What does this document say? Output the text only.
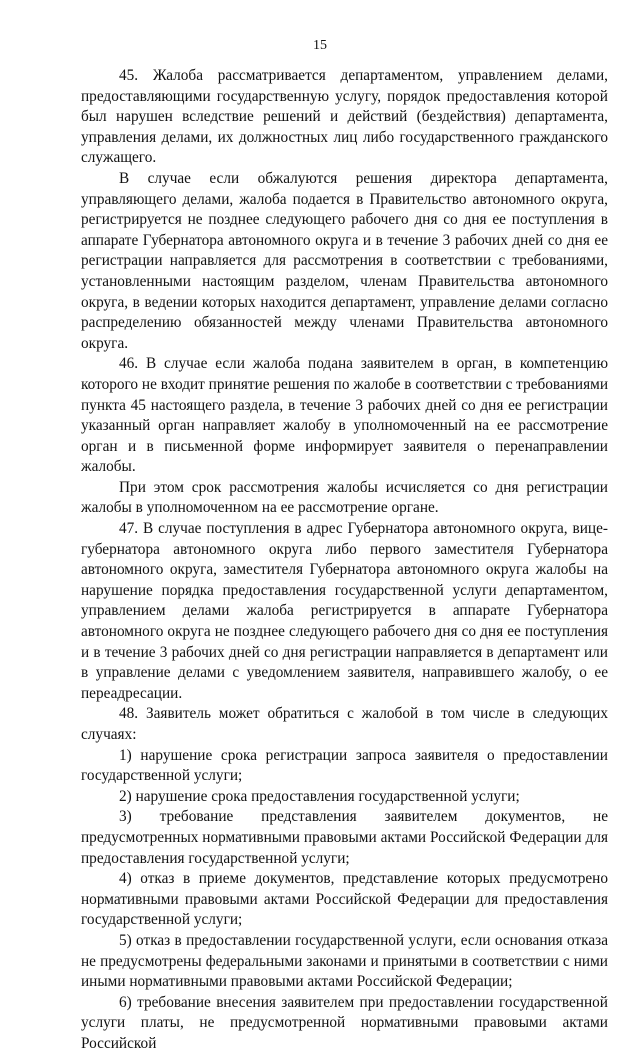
15

45. Жалоба рассматривается департаментом, управлением делами, предоставляющими государственную услугу, порядок предоставления которой был нарушен вследствие решений и действий (бездействия) департамента, управления делами, их должностных лиц либо государственного гражданского служащего.

В случае если обжалуются решения директора департамента, управляющего делами, жалоба подается в Правительство автономного округа, регистрируется не позднее следующего рабочего дня со дня ее поступления в аппарате Губернатора автономного округа и в течение 3 рабочих дней со дня ее регистрации направляется для рассмотрения в соответствии с требованиями, установленными настоящим разделом, членам Правительства автономного округа, в ведении которых находится департамент, управление делами согласно распределению обязанностей между членами Правительства автономного округа.

46. В случае если жалоба подана заявителем в орган, в компетенцию которого не входит принятие решения по жалобе в соответствии с требованиями пункта 45 настоящего раздела, в течение 3 рабочих дней со дня ее регистрации указанный орган направляет жалобу в уполномоченный на ее рассмотрение орган и в письменной форме информирует заявителя о перенаправлении жалобы.

При этом срок рассмотрения жалобы исчисляется со дня регистрации жалобы в уполномоченном на ее рассмотрение органе.

47. В случае поступления в адрес Губернатора автономного округа, вице-губернатора автономного округа либо первого заместителя Губернатора автономного округа, заместителя Губернатора автономного округа жалобы на нарушение порядка предоставления государственной услуги департаментом, управлением делами жалоба регистрируется в аппарате Губернатора автономного округа не позднее следующего рабочего дня со дня ее поступления и в течение 3 рабочих дней со дня регистрации направляется в департамент или в управление делами с уведомлением заявителя, направившего жалобу, о ее переадресации.

48. Заявитель может обратиться с жалобой в том числе в следующих случаях:

1) нарушение срока регистрации запроса заявителя о предоставлении государственной услуги;

2) нарушение срока предоставления государственной услуги;

3) требование представления заявителем документов, не предусмотренных нормативными правовыми актами Российской Федерации для предоставления государственной услуги;

4) отказ в приеме документов, представление которых предусмотрено нормативными правовыми актами Российской Федерации для предоставления государственной услуги;

5) отказ в предоставлении государственной услуги, если основания отказа не предусмотрены федеральными законами и принятыми в соответствии с ними иными нормативными правовыми актами Российской Федерации;

6) требование внесения заявителем при предоставлении государственной услуги платы, не предусмотренной нормативными правовыми актами Российской
